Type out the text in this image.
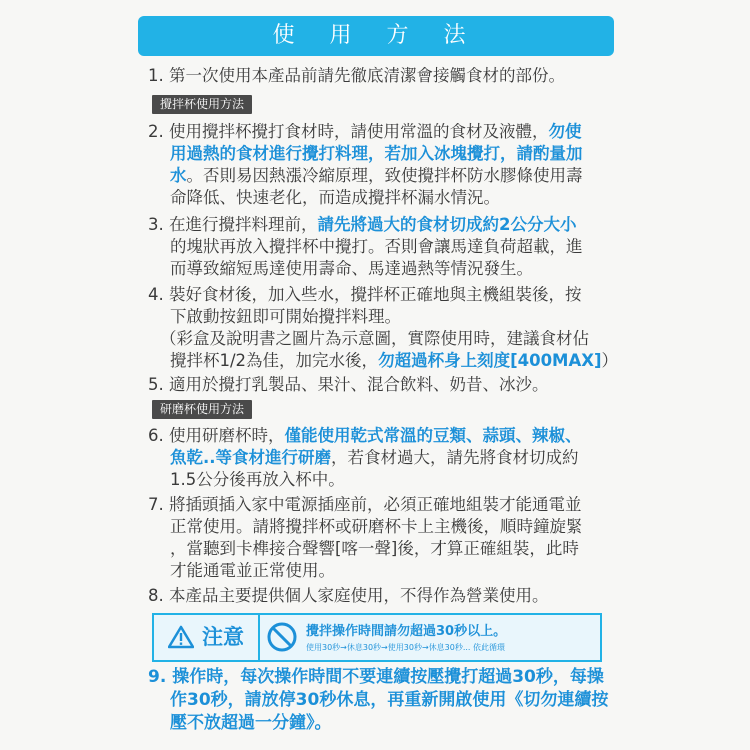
使 用 方 法
1. 第一次使用本產品前請先徹底清潔會接觸食材的部份。
攪拌杯使用方法
2. 使用攪拌杯攪打食材時，請使用常溫的食材及液體，勿使
用過熱的食材進行攪打料理，若加入冰塊攪打，請酌量加
水。否則易因熱漲冷縮原理，致使攪拌杯防水膠條使用壽
命降低、快速老化，而造成攪拌杯漏水情況。
3. 在進行攪拌料理前，請先將過大的食材切成約2公分大小
的塊狀再放入攪拌杯中攪打。否則會讓馬達負荷超載，進
而導致縮短馬達使用壽命、馬達過熱等情況發生。
4. 裝好食材後，加入些水，攪拌杯正確地與主機組裝後，按
下啟動按鈕即可開始攪拌料理。
（彩盒及說明書之圖片為示意圖，實際使用時，建議食材佔
攪拌杯1/2為佳，加完水後，勿超過杯身上刻度[400MAX]）
5. 適用於攪打乳製品、果汁、混合飲料、奶昔、冰沙。
研磨杯使用方法
6. 使用研磨杯時，僅能使用乾式常溫的豆類、蒜頭、辣椒、
魚乾..等食材進行研磨，若食材過大，請先將食材切成約
1.5公分後再放入杯中。
7. 將插頭插入家中電源插座前，必須正確地組裝才能通電並
正常使用。請將攪拌杯或研磨杯卡上主機後，順時鐘旋緊
，當聽到卡榫接合聲響[喀一聲]後，才算正確組裝，此時
才能通電並正常使用。
8. 本產品主要提供個人家庭使用，不得作為營業使用。
注意	攪拌操作時間請勿超過30秒以上。
使用30秒→休息30秒→使用30秒→休息30秒... 依此循環
9. 操作時，每次操作時間不要連續按壓攪打超過30秒，每操
作30秒，請放停30秒休息，再重新開啟使用《切勿連續按
壓不放超過一分鐘》。
